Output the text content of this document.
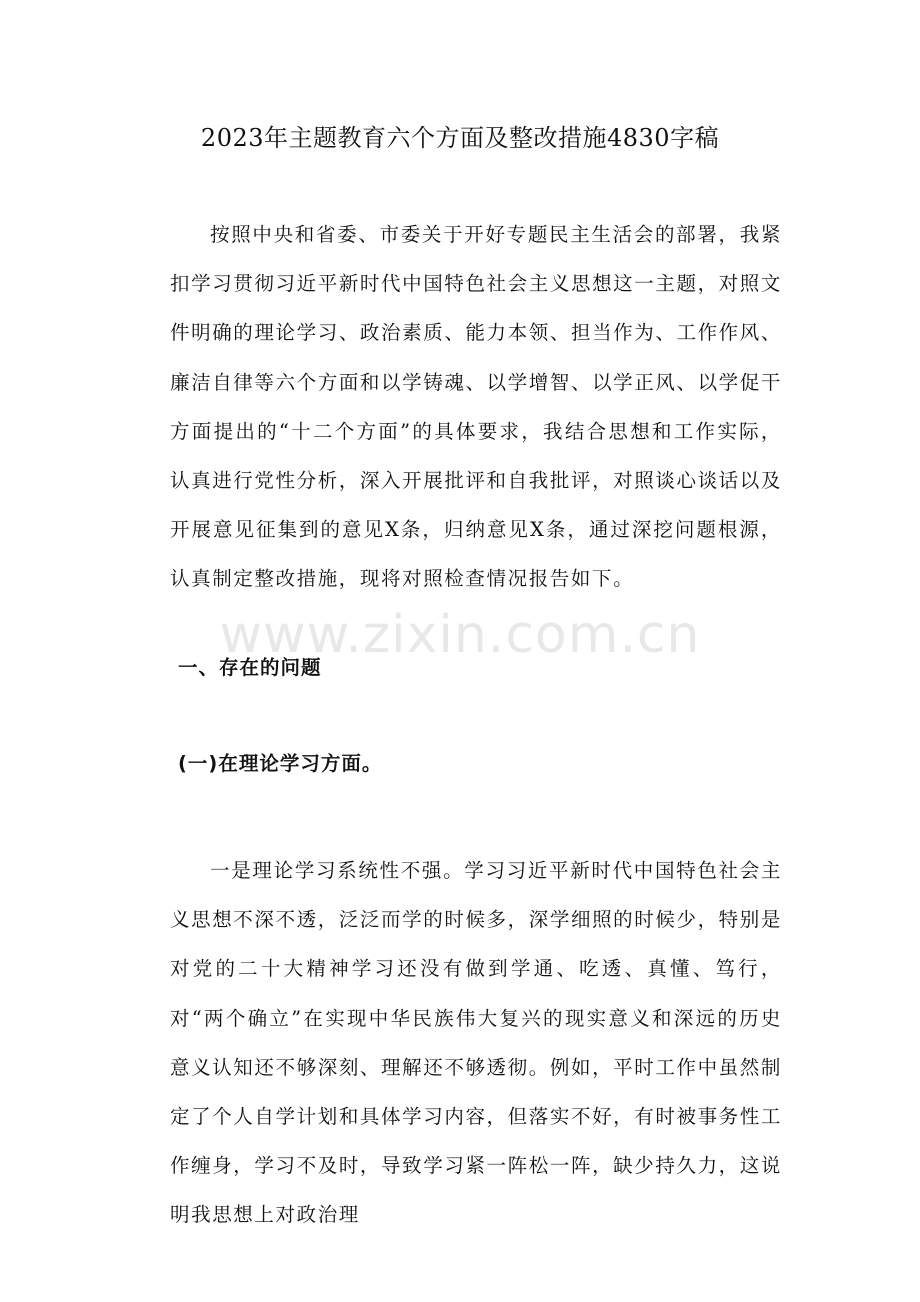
www.zixin.com.cn
2023年主题教育六个方面及整改措施4830字稿

按照中央和省委、市委关于开好专题民主生活会的部署，我紧扣学习贯彻习近平新时代中国特色社会主义思想这一主题，对照文件明确的理论学习、政治素质、能力本领、担当作为、工作作风、廉洁自律等六个方面和以学铸魂、以学增智、以学正风、以学促干方面提出的“十二个方面”的具体要求，我结合思想和工作实际，认真进行党性分析，深入开展批评和自我批评，对照谈心谈话以及开展意见征集到的意见X条，归纳意见X条，通过深挖问题根源，认真制定整改措施，现将对照检查情况报告如下。

一、存在的问题
(一)在理论学习方面。

一是理论学习系统性不强。学习习近平新时代中国特色社会主义思想不深不透，泛泛而学的时候多，深学细照的时候少，特别是对党的二十大精神学习还没有做到学通、吃透、真懂、笃行，对“两个确立”在实现中华民族伟大复兴的现实意义和深远的历史意义认知还不够深刻、理解还不够透彻。例如，平时工作中虽然制定了个人自学计划和具体学习内容，但落实不好，有时被事务性工作缠身，学习不及时，导致学习紧一阵松一阵，缺少持久力，这说明我思想上对政治理
